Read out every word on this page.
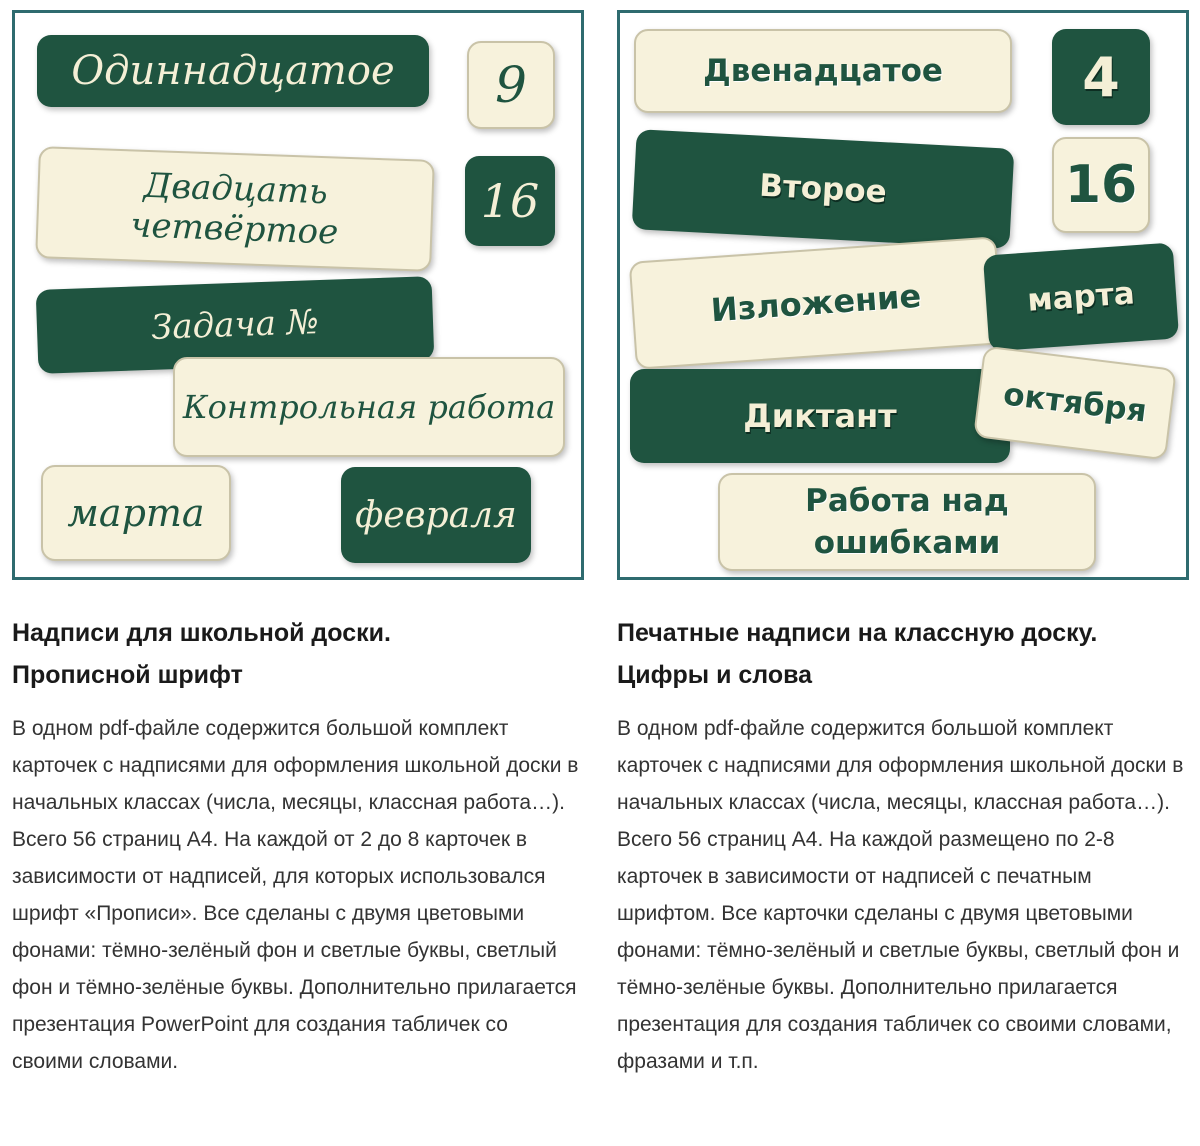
Одиннадцатое	9
Двадцать четвёртое
16
Задача №
Контрольная работа
марта	февраля
Надписи для школьной доски.
Прописной шрифт

В одном pdf-файле содержится большой комплект карточек с надписями для оформления школьной доски в начальных классах (числа, месяцы, классная работа…). Всего 56 страниц А4. На каждой от 2 до 8 карточек в зависимости от надписей, для которых использовался шрифт «Прописи». Все сделаны с двумя цветовыми фонами: тёмно-зелёный фон и светлые буквы, светлый фон и тёмно-зелёные буквы. Дополнительно прилагается презентация PowerPoint для создания табличек со своими словами.

Двенадцатое	4
Второе	16
Изложение	марта
Диктант	октября
Работа над ошибками
Печатные надписи на классную доску.
Цифры и слова

В одном pdf-файле содержится большой комплект карточек с надписями для оформления школьной доски в начальных классах (числа, месяцы, классная работа…). Всего 56 страниц А4. На каждой размещено по 2-8 карточек в зависимости от надписей с печатным шрифтом. Все карточки сделаны с двумя цветовыми фонами: тёмно-зелёный и светлые буквы, светлый фон и тёмно-зелёные буквы. Дополнительно прилагается презентация для создания табличек со своими словами, фразами и т.п.
